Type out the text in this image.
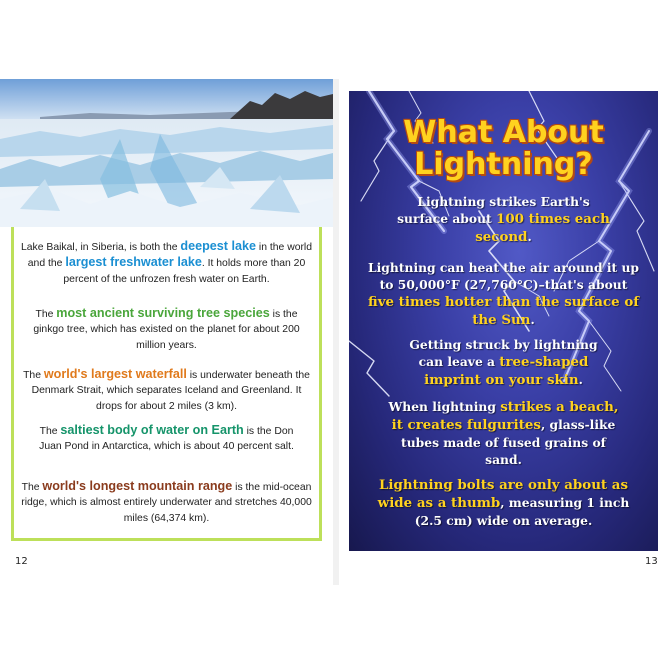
Lake Baikal, in Siberia, is both the deepest lake in the world and the largest freshwater lake. It holds more than 20 percent of the unfrozen fresh water on Earth.

The most ancient surviving tree species is the ginkgo tree, which has existed on the planet for about 200 million years.

The world's largest waterfall is underwater beneath the Denmark Strait, which separates Iceland and Greenland. It drops for about 2 miles (3 km).

The saltiest body of water on Earth is the Don Juan Pond in Antarctica, which is about 40 percent salt.

The world's longest mountain range is the mid-ocean ridge, which is almost entirely underwater and stretches 40,000 miles (64,374 km).

12
What About
Lightning?

Lightning strikes Earth's surface about 100 times each second.

Lightning can heat the air around it up to 50,000°F (27,760°C)–that's about five times hotter than the surface of the Sun.

Getting struck by lightning can leave a tree-shaped imprint on your skin.

When lightning strikes a beach, it creates fulgurites, glass-like tubes made of fused grains of sand.

Lightning bolts are only about as wide as a thumb, measuring 1 inch (2.5 cm) wide on average.

13
